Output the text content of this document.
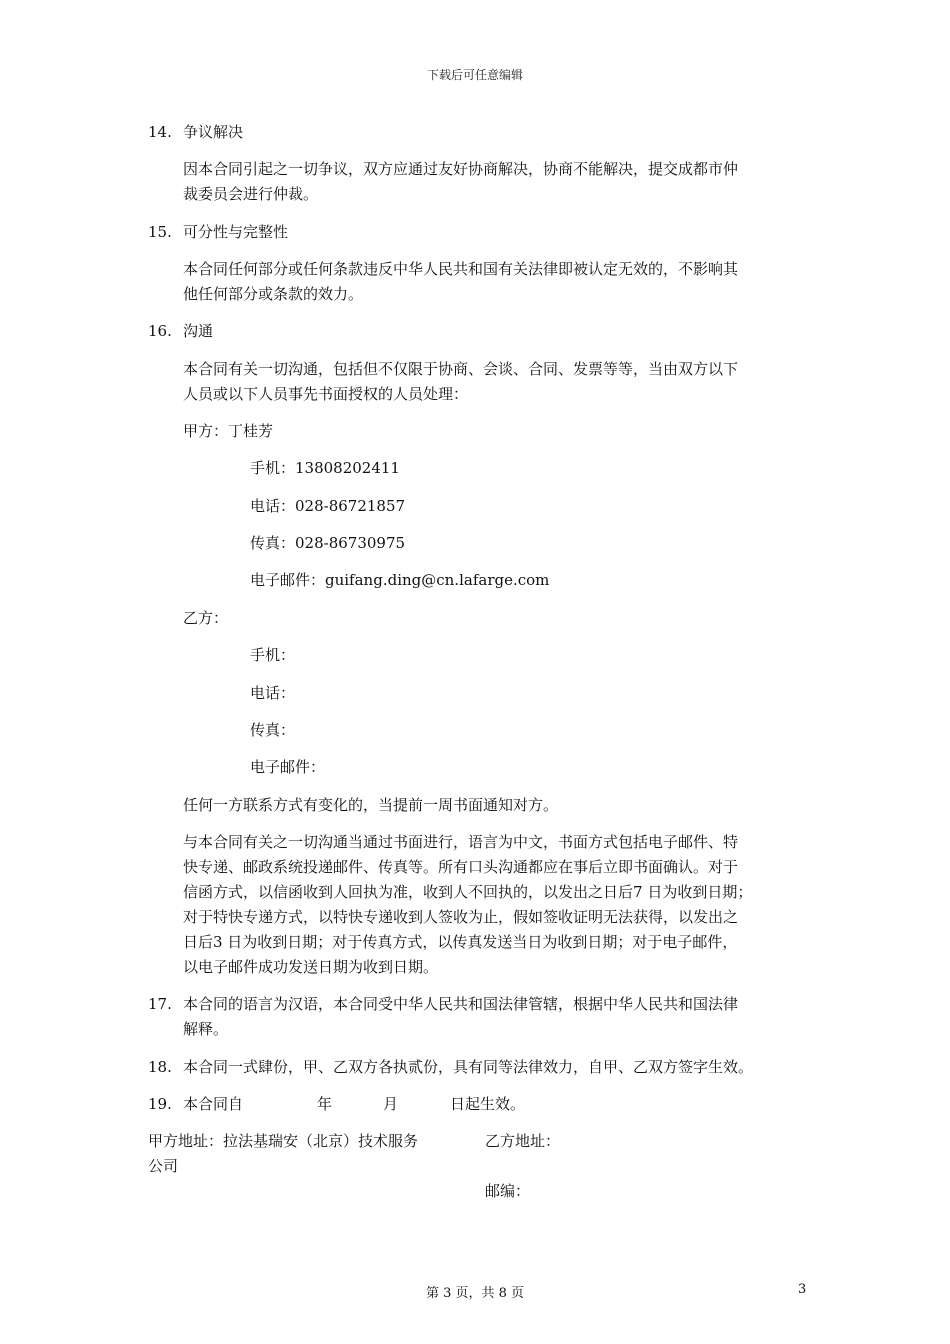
下载后可任意编辑
14. 争议解决
因本合同引起之一切争议，双方应通过友好协商解决，协商不能解决，提交成都市仲
裁委员会进行仲裁。
15. 可分性与完整性
本合同任何部分或任何条款违反中华人民共和国有关法律即被认定无效的，不影响其
他任何部分或条款的效力。
16. 沟通
本合同有关一切沟通，包括但不仅限于协商、会谈、合同、发票等等，当由双方以下
人员或以下人员事先书面授权的人员处理：
甲方：丁桂芳
手机：13808202411
电话：028-86721857
传真：028-86730975
电子邮件：guifang.ding@cn.lafarge.com
乙方：
手机：
电话：
传真：
电子邮件：
任何一方联系方式有变化的，当提前一周书面通知对方。
与本合同有关之一切沟通当通过书面进行，语言为中文，书面方式包括电子邮件、特
快专递、邮政系统投递邮件、传真等。所有口头沟通都应在事后立即书面确认。对于
信函方式，以信函收到人回执为准，收到人不回执的，以发出之日后7 日为收到日期；
对于特快专递方式，以特快专递收到人签收为止，假如签收证明无法获得，以发出之
日后3 日为收到日期；对于传真方式，以传真发送当日为收到日期；对于电子邮件，
以电子邮件成功发送日期为收到日期。
17. 本合同的语言为汉语，本合同受中华人民共和国法律管辖，根据中华人民共和国法律
解释。
18. 本合同一式肆份，甲、乙双方各执贰份，具有同等法律效力，自甲、乙双方签字生效。
19. 本合同自	年	月	日起生效。
甲方地址：拉法基瑞安（北京）技术服务
公司
乙方地址：
邮编：
第 3 页，共 8 页	3
